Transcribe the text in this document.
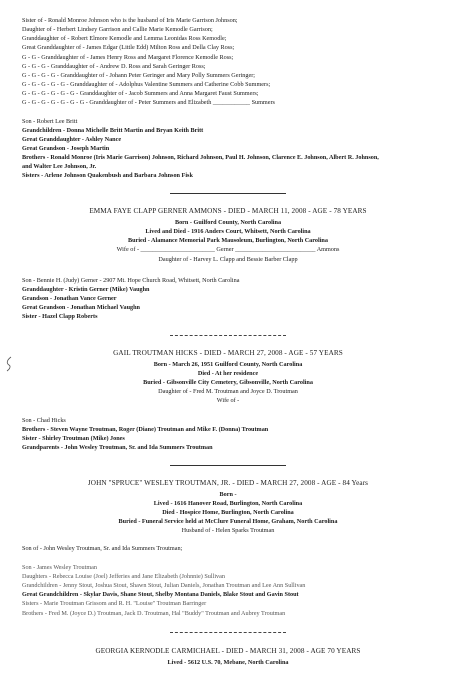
Sister of - Ronald Monroe Johnson who is the husband of Iris Marie Garrison Johnson;
Daughter of - Herbert Lindsey Garrison and Callie Marie Kemodle Garrison;
Granddaughter of - Robert Elmore Kemodle and Lemma Leonidas Ross Kemodle;
Great Granddaughter of - James Edgar (Little Edd) Milton Ross and Della Clay Ross;
G - G - Granddaughter of - James Henry Ross and Margaret Florence Kemodle Ross;
G - G - G - Granddaughter of - Andrew D. Ross and Sarah Geringer Ross;
G - G - G - G - Granddaughter of - Johann Peter Geringer and Mary Polly Summers Geringer;
G - G - G - G - G - Granddaughter of - Adolphus Valentine Summers and Catherine Cobb Summers;
G - G - G - G - G - G - Granddaughter of - Jacob Summers and Anna Margaret Faust Summers;
G - G - G - G - G - G - G - Granddaughter of - Peter Summers and Elizabeth ____________ Summers
Son - Robert Lee Britt
Grandchildren - Donna Michelle Britt Martin and Bryan Keith Britt
Great Granddaughter - Ashley Nance
Great Grandson - Joseph Martin
Brothers - Ronald Monroe (Iris Marie Garrison) Johnson, Richard Johnson, Paul H. Johnson, Clarence E. Johnson, Albert R. Johnson,
and Walter Lee Johnson, Jr.
Sisters - Arlene Johnson Quakenbush and Barbara Johnson Fisk
EMMA FAYE CLAPP GERNER AMMONS - DIED - MARCH 11, 2008 - AGE - 78 YEARS
Born - Guilford County, North Carolina
Lived and Died - 1916 Anders Court, Whitsett, North Carolina
Buried - Alamance Memorial Park Mausoleum, Burlington, North Carolina
Wife of - ________________________ Gerner __________________________ Ammons
Daughter of - Harvey L. Clapp and Bessie Barber Clapp
Son - Bennie H. (Judy) Gerner - 2907 Mt. Hope Church Road, Whitsett, North Carolina
Granddaughter - Kristin Gerner (Mike) Vaughn
Grandson - Jonathan Vance Gerner
Great Grandson - Jonathan Michael Vaughn
Sister - Hazel Clapp Roberts
GAIL TROUTMAN HICKS - DIED - MARCH 27, 2008 - AGE - 57 YEARS
Born - March 26, 1951 Guilford County, North Carolina
Died - At her residence
Buried - Gibsonville City Cemetery, Gibsonville, North Carolina
Daughter of - Fred M. Troutman and Joyce D. Troutman
Wife of -
Son - Chad Hicks
Brothers - Steven Wayne Troutman, Roger (Diane) Troutman and Mike F. (Donna) Troutman
Sister - Shirley Troutman (Mike) Jones
Grandparents - John Wesley Troutman, Sr. and Ida Summers Troutman
JOHN "SPRUCE" WESLEY TROUTMAN, JR. - DIED - MARCH 27, 2008 - AGE - 84 Years
Born -
Lived - 1616 Hanover Road, Burlington, North Carolina
Died - Hospice Home, Burlington, North Carolina
Buried - Funeral Service held at McClure Funeral Home, Graham, North Carolina
Husband of - Helen Sparks Troutman
Son of - John Wesley Troutman, Sr. and Ida Summers Troutman;
Son - James Wesley Troutman
Daughters - Rebecca Louise (Joel) Jefferies and Jane Elizabeth (Johnnie) Sullivan
Grandchildren - Jenny Stout, Joshua Stout, Shawn Stout, Julian Daniels, Jonathan Troutman and Lee Ann Sullivan
Great Grandchildren - Skylar Davis, Shane Stout, Shelby Montana Daniels, Blake Stout and Gavin Stout
Sisters - Marie Troutman Grissom and R. H. "Louise" Troutman Barringer
Brothers - Fred M. (Joyce D.) Troutman, Jack D. Troutman, Hal "Buddy" Troutman and Aubrey Troutman
GEORGIA KERNODLE CARMICHAEL - DIED - MARCH 31, 2008 - AGE 70 YEARS
Lived - 5612 U.S. 70, Mebane, North Carolina
